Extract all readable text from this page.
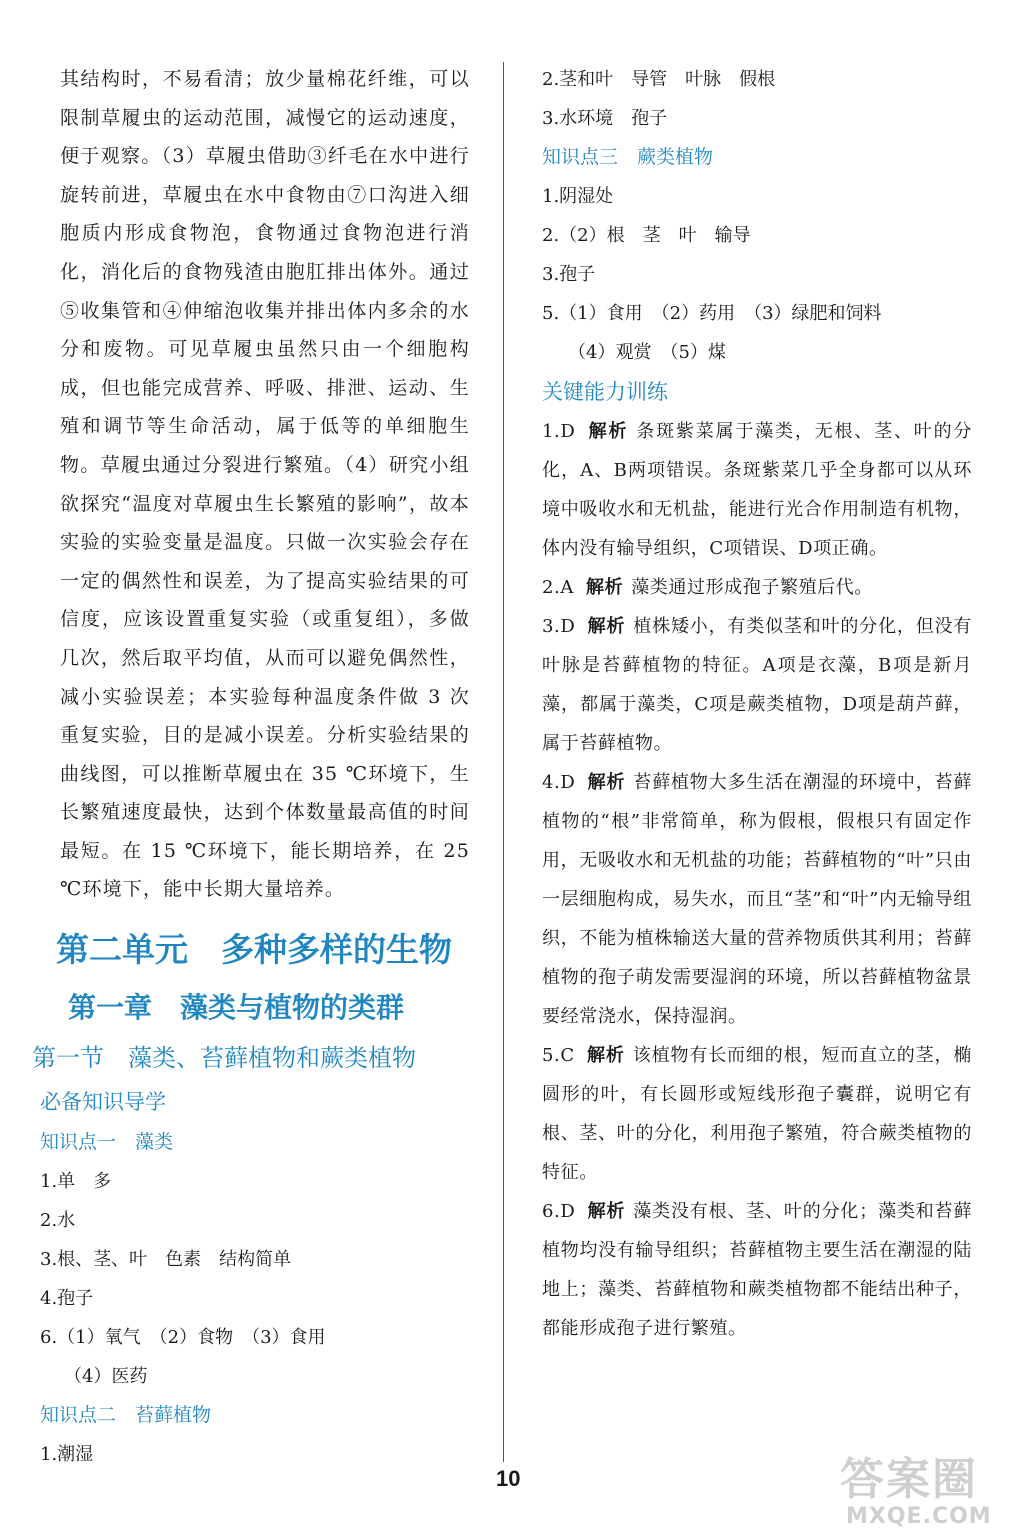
其结构时，不易看清；放少量棉花纤维，可以限制草履虫的运动范围，减慢它的运动速度，便于观察。（3）草履虫借助③纤毛在水中进行旋转前进，草履虫在水中食物由⑦口沟进入细胞质内形成食物泡，食物通过食物泡进行消化，消化后的食物残渣由胞肛排出体外。通过⑤收集管和④伸缩泡收集并排出体内多余的水分和废物。可见草履虫虽然只由一个细胞构成，但也能完成营养、呼吸、排泄、运动、生殖和调节等生命活动，属于低等的单细胞生物。草履虫通过分裂进行繁殖。（4）研究小组欲探究“温度对草履虫生长繁殖的影响”，故本实验的实验变量是温度。只做一次实验会存在一定的偶然性和误差，为了提高实验结果的可信度，应该设置重复实验（或重复组），多做几次，然后取平均值，从而可以避免偶然性，减小实验误差；本实验每种温度条件做 3 次重复实验，目的是减小误差。分析实验结果的曲线图，可以推断草履虫在 35 ℃环境下，生长繁殖速度最快，达到个体数量最高值的时间最短。在 15 ℃环境下，能长期培养，在 25 ℃环境下，能中长期大量培养。

第二单元　多种多样的生物
第一章　藻类与植物的类群
第一节　藻类、苔藓植物和蕨类植物
必备知识导学
知识点一　藻类
1.单　多
2.水
3.根、茎、叶　色素　结构简单
4.孢子
6.（1）氧气　（2）食物　（3）食用
（4）医药
知识点二　苔藓植物
1.潮湿
2.茎和叶　导管　叶脉　假根
3.水环境　孢子
知识点三　蕨类植物
1.阴湿处
2.（2）根　茎　叶　输导
3.孢子
5.（1）食用　（2）药用　（3）绿肥和饲料
（4）观赏　（5）煤
关键能力训练
1.D 解析 条斑紫菜属于藻类，无根、茎、叶的分化，A、B两项错误。条斑紫菜几乎全身都可以从环境中吸收水和无机盐，能进行光合作用制造有机物，体内没有输导组织，C项错误、D项正确。
2.A 解析 藻类通过形成孢子繁殖后代。
3.D 解析 植株矮小，有类似茎和叶的分化，但没有叶脉是苔藓植物的特征。A项是衣藻，B项是新月藻，都属于藻类，C项是蕨类植物，D项是葫芦藓，属于苔藓植物。
4.D 解析 苔藓植物大多生活在潮湿的环境中，苔藓植物的“根”非常简单，称为假根，假根只有固定作用，无吸收水和无机盐的功能；苔藓植物的“叶”只由一层细胞构成，易失水，而且“茎”和“叶”内无输导组织，不能为植株输送大量的营养物质供其利用；苔藓植物的孢子萌发需要湿润的环境，所以苔藓植物盆景要经常浇水，保持湿润。
5.C 解析 该植物有长而细的根，短而直立的茎，椭圆形的叶，有长圆形或短线形孢子囊群，说明它有根、茎、叶的分化，利用孢子繁殖，符合蕨类植物的特征。
6.D 解析 藻类没有根、茎、叶的分化；藻类和苔藓植物均没有输导组织；苔藓植物主要生活在潮湿的陆地上；藻类、苔藓植物和蕨类植物都不能结出种子，都能形成孢子进行繁殖。
10	答案圈
MXQE.COM
